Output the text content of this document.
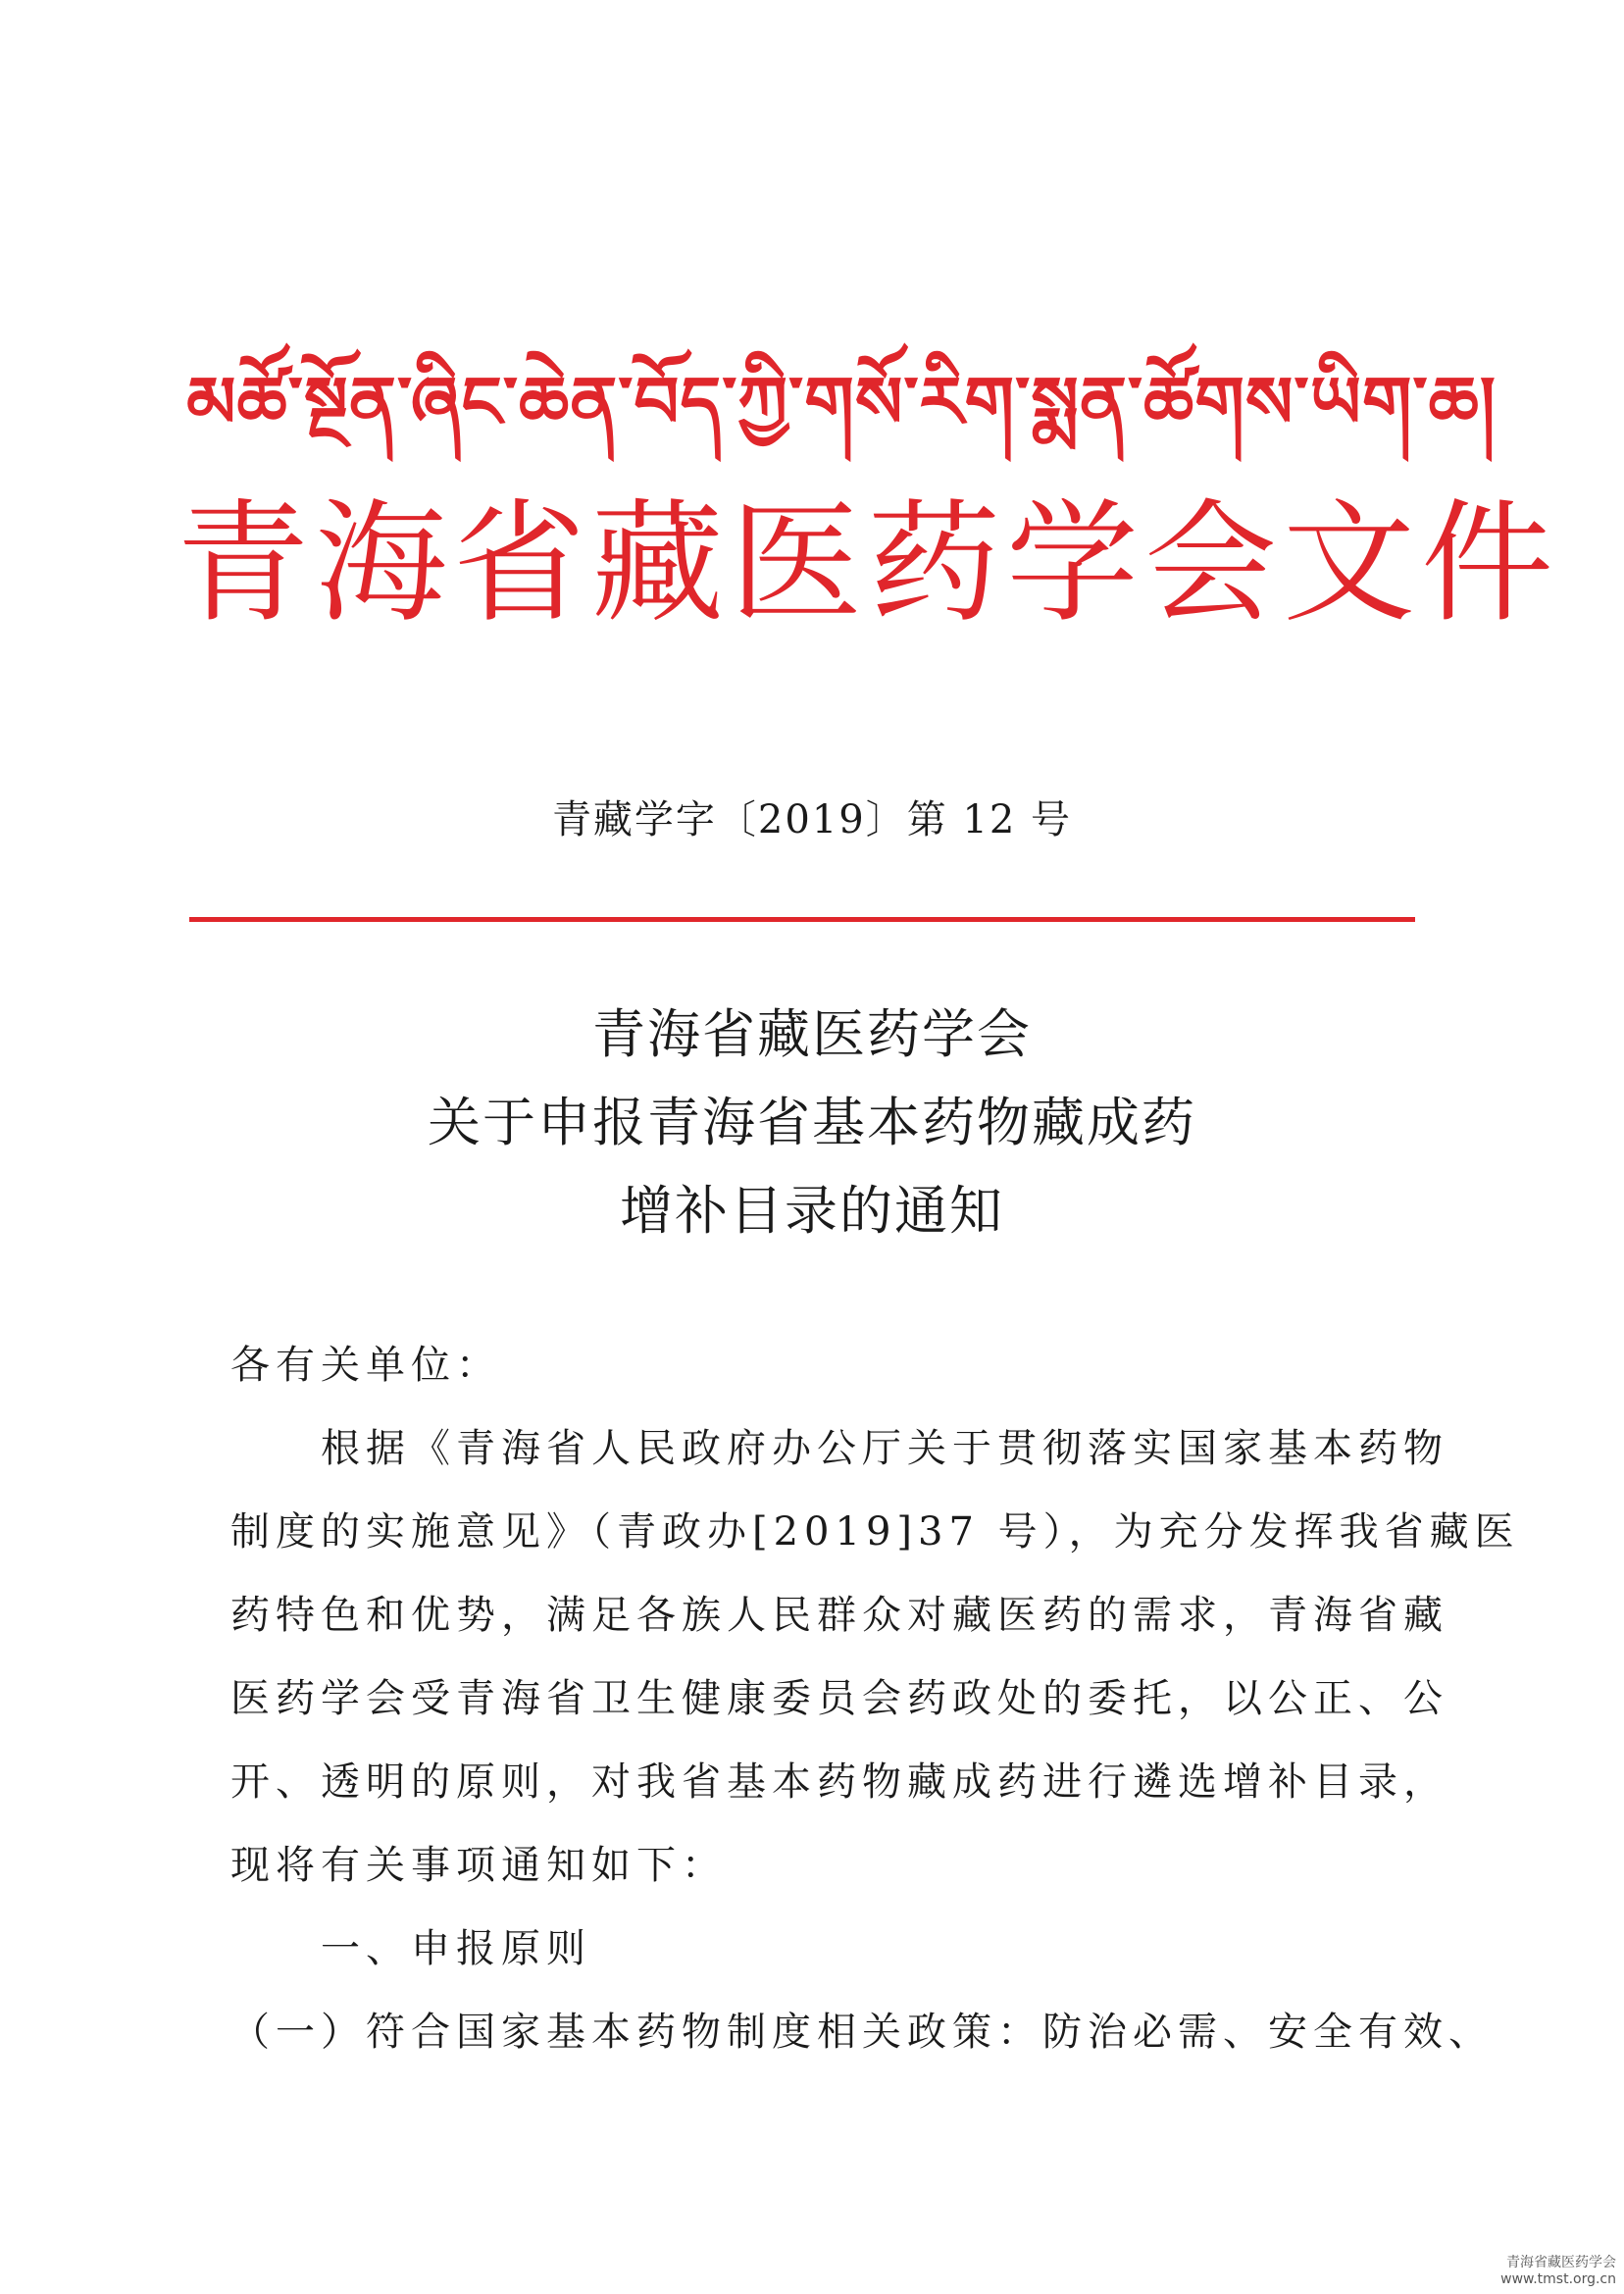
མཚོ་སྔོན་ཞིང་ཆེན་བོད་ཀྱི་གསོ་རིག་སྨན་ཚོགས་ཡིག་ཆ།
青海省藏医药学会文件
青藏学字〔2019〕第 12 号
青海省藏医药学会
关于申报青海省基本药物藏成药
增补目录的通知
各有关单位：
　　根据《青海省人民政府办公厅关于贯彻落实国家基本药物
制度的实施意见》（青政办[2019]37 号），为充分发挥我省藏医
药特色和优势，满足各族人民群众对藏医药的需求，青海省藏
医药学会受青海省卫生健康委员会药政处的委托，以公正、公
开、透明的原则，对我省基本药物藏成药进行遴选增补目录，
现将有关事项通知如下：
　　一、申报原则
（一）符合国家基本药物制度相关政策：防治必需、安全有效、
青海省藏医药学会
www.tmst.org.cn
